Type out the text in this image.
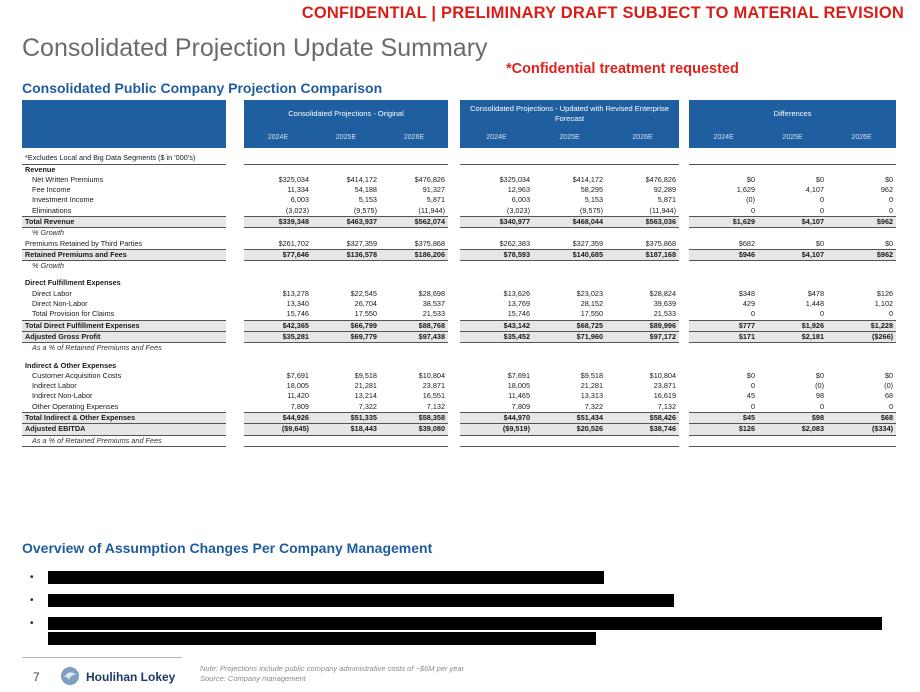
CONFIDENTIAL | PRELIMINARY DRAFT SUBJECT TO MATERIAL REVISION
Consolidated Projection Update Summary
*Confidential treatment requested
Consolidated Public Company Projection Comparison
		Consolidated Projections - Original				Consolidated Projections - Updated with Revised Enterprise Forecast				Differences		
		2024E	2025E	2026E		2024E	2025E	2026E		2024E	2025E	2026E
*Excludes Local and Big Data Segments ($ in '000's)												
Revenue												
Net Written Premiums		$325,034	$414,172	$476,826		$325,034	$414,172	$476,826		$0	$0	$0
Fee Income		11,334	54,188	91,327		12,963	58,295	92,289		1,629	4,107	962
Investment Income		6,003	5,153	5,871		6,003	5,153	5,871		(0)	0	0
Eliminations		(3,023)	(9,575)	(11,944)		(3,023)	(9,575)	(11,944)		0	0	0
Total Revenue		$339,348	$463,937	$562,074		$340,977	$468,044	$563,036		$1,629	$4,107	$962
% Growth												
Premiums Retained by Third Parties		$261,702	$327,359	$375,868		$262,383	$327,359	$375,868		$682	$0	$0
Retained Premiums and Fees		$77,646	$136,578	$186,206		$78,593	$140,685	$187,168		$946	$4,107	$962
% Growth												

Direct Fulfillment Expenses												
Direct Labor		$13,278	$22,545	$28,698		$13,626	$23,023	$28,824		$348	$478	$126
Direct Non-Labor		13,340	26,704	38,537		13,769	28,152	39,639		429	1,448	1,102
Total Provision for Claims		15,746	17,550	21,533		15,746	17,550	21,533		0	0	0
Total Direct Fulfillment Expenses		$42,365	$66,799	$88,768		$43,142	$68,725	$89,996		$777	$1,926	$1,228
Adjusted Gross Profit		$35,281	$69,779	$97,438		$35,452	$71,960	$97,172		$171	$2,181	($266)
As a % of Retained Premiums and Fees												

Indirect & Other Expenses												
Customer Acquisition Costs		$7,691	$9,518	$10,804		$7,691	$9,518	$10,804		$0	$0	$0
Indirect Labor		18,005	21,281	23,871		18,005	21,281	23,871		0	(0)	(0)
Indirect Non-Labor		11,420	13,214	16,551		11,465	13,313	16,619		45	98	68
Other Operating Expenses		7,809	7,322	7,132		7,809	7,322	7,132		0	0	0
Total Indirect & Other Expenses		$44,926	$51,335	$58,358		$44,970	$51,434	$58,426		$45	$98	$68
Adjusted EBITDA		($9,645)	$18,443	$39,080		($9,519)	$20,526	$38,746		$126	$2,083	($334)
As a % of Retained Premiums and Fees												
Overview of Assumption Changes Per Company Management
•
•
•
7	Houlihan Lokey
Note: Projections include public company administrative costs of ~$6M per year
Source: Company management
